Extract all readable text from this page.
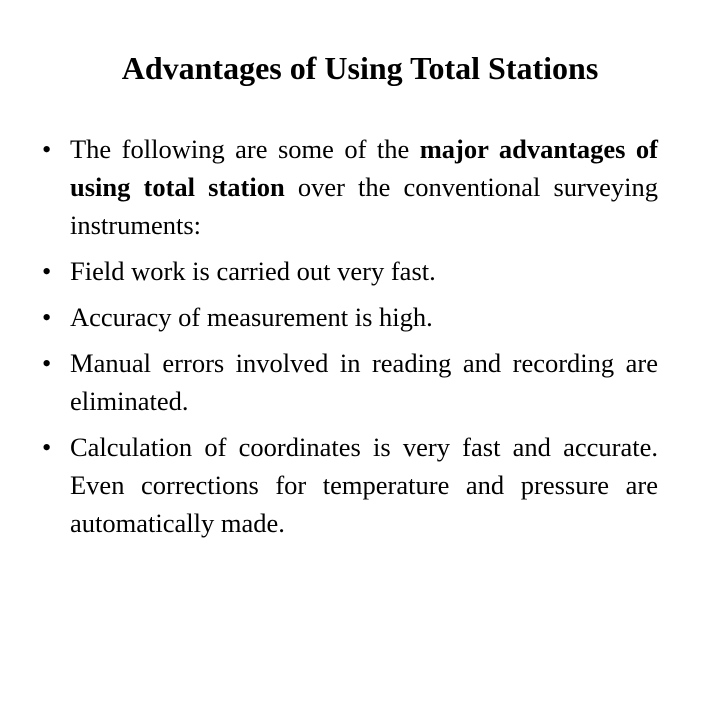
Advantages of Using Total Stations
• The following are some of the major advantages of using total station over the conventional surveying instruments:
• Field work is carried out very fast.
• Accuracy of measurement is high.
• Manual errors involved in reading and recording are eliminated.
• Calculation of coordinates is very fast and accurate. Even corrections for temperature and pressure are automatically made.
